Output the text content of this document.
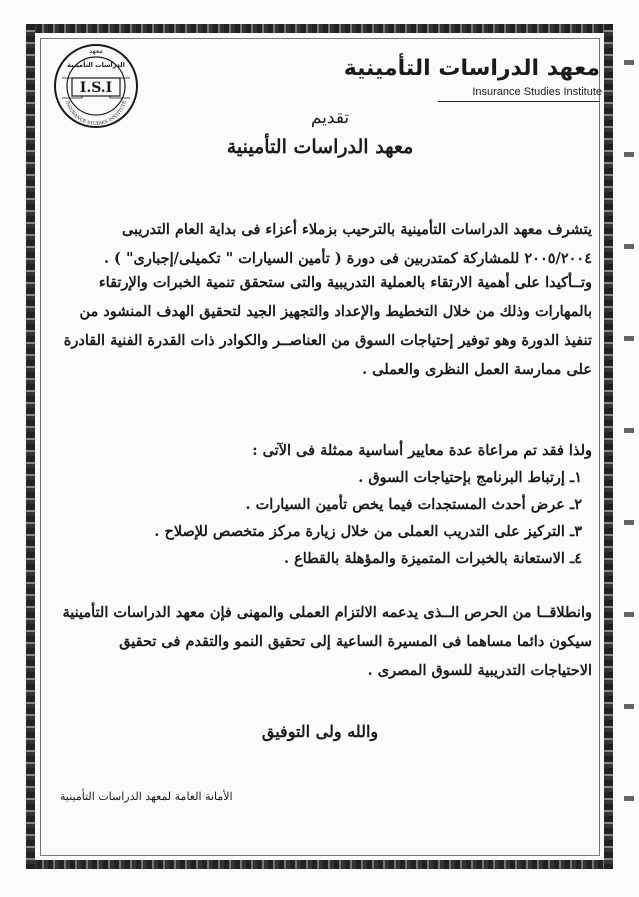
I.S.I
معهد
الدراسات التأمينية
INSURANCE STUDIES INSTITUTE
معهد الدراسات التأمينية
Insurance Studies Institute
تقديم
معهد الدراسات التأمينية

يتشرف معهد الدراسات التأمينية بالترحيب بزملاء أعزاء فى بداية العام التدريبى ٢٠٠٥/٢٠٠٤ للمشاركة كمتدربين فى دورة ( تأمين السيارات " تكميلى/إجبارى" ) .

وتــأكيدا على أهمية الارتقاء بالعملية التدريبية والتى ستحقق تنمية الخبرات والإرتقاء بالمهارات وذلك من خلال التخطيط والإعداد والتجهيز الجيد لتحقيق الهدف المنشود من تنفيذ الدورة وهو توفير إحتياجات السوق من العناصــر والكوادر ذات القدرة الفنية القادرة على ممارسة العمل النظرى والعملى .

ولذا فقد تم مراعاة عدة معايير أساسية ممثلة فى الآتى :
١ـ إرتباط البرنامج بإحتياجات السوق .
٢ـ عرض أحدث المستجدات فيما يخص تأمين السيارات .
٣ـ التركيز على التدريب العملى من خلال زيارة مركز متخصص للإصلاح .
٤ـ الاستعانة بالخبرات المتميزة والمؤهلة بالقطاع .

وانطلاقــا من الحرص الــذى يدعمه الالتزام العملى والمهنى فإن معهد الدراسات التأمينية سيكون دائما مساهما فى المسيرة الساعية إلى تحقيق النمو والتقدم فى تحقيق الاحتياجات التدريبية للسوق المصرى .

والله ولى التوفيق
الأمانة العامة لمعهد الدراسات التأمينية
